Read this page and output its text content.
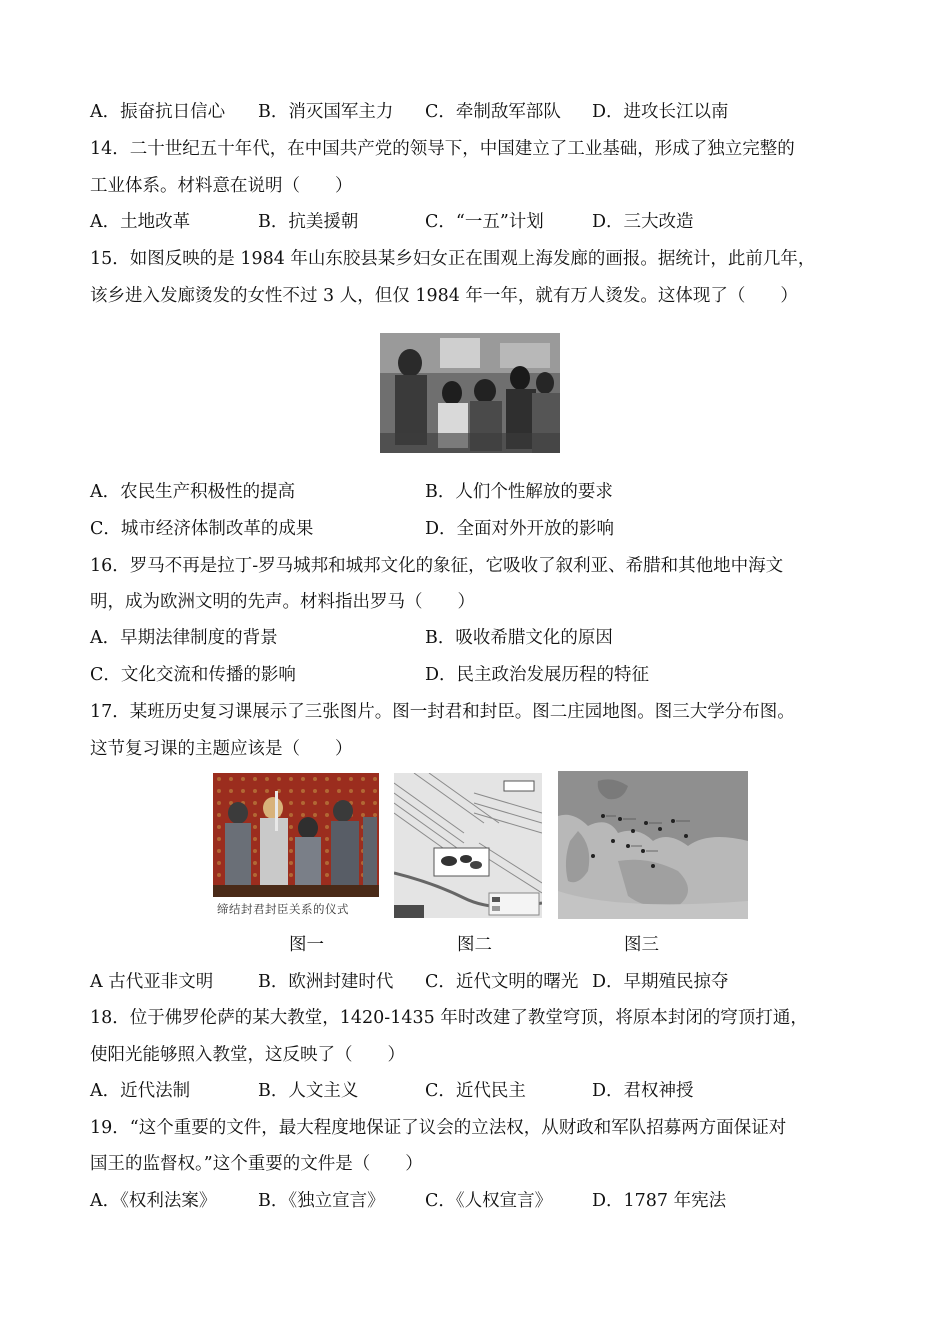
A．振奋抗日信心 B．消灭国军主力 C．牵制敌军部队 D．进攻长江以南
14．二十世纪五十年代，在中国共产党的领导下，中国建立了工业基础，形成了独立完整的
工业体系。材料意在说明（　　）
A．土地改革	B．抗美援朝	C．“一五”计划	D．三大改造
15．如图反映的是 1984 年山东胶县某乡妇女正在围观上海发廊的画报。据统计，此前几年，
该乡进入发廊烫发的女性不过 3 人，但仅 1984 年一年，就有万人烫发。这体现了（　　）
A．农民生产积极性的提高	B．人们个性解放的要求
C．城市经济体制改革的成果	D．全面对外开放的影响
16．罗马不再是拉丁-罗马城邦和城邦文化的象征，它吸收了叙利亚、希腊和其他地中海文
明，成为欧洲文明的先声。材料指出罗马（　　）
A．早期法律制度的背景	B．吸收希腊文化的原因
C．文化交流和传播的影响	D．民主政治发展历程的特征
17．某班历史复习课展示了三张图片。图一封君和封臣。图二庄园地图。图三大学分布图。
这节复习课的主题应该是（　　）
缔结封君封臣关系的仪式
图一	图二	图三
A 古代亚非文明	B．欧洲封建时代 C．近代文明的曙光 D．早期殖民掠夺
18．位于佛罗伦萨的某大教堂，1420-1435 年时改建了教堂穹顶，将原本封闭的穹顶打通，
使阳光能够照入教堂，这反映了（　　）
A．近代法制	B．人文主义	C．近代民主	D．君权神授
19．“这个重要的文件，最大程度地保证了议会的立法权，从财政和军队招募两方面保证对
国王的监督权。”这个重要的文件是（　　）
A．《权利法案》 B．《独立宣言》 C．《人权宣言》 D．1787 年宪法
